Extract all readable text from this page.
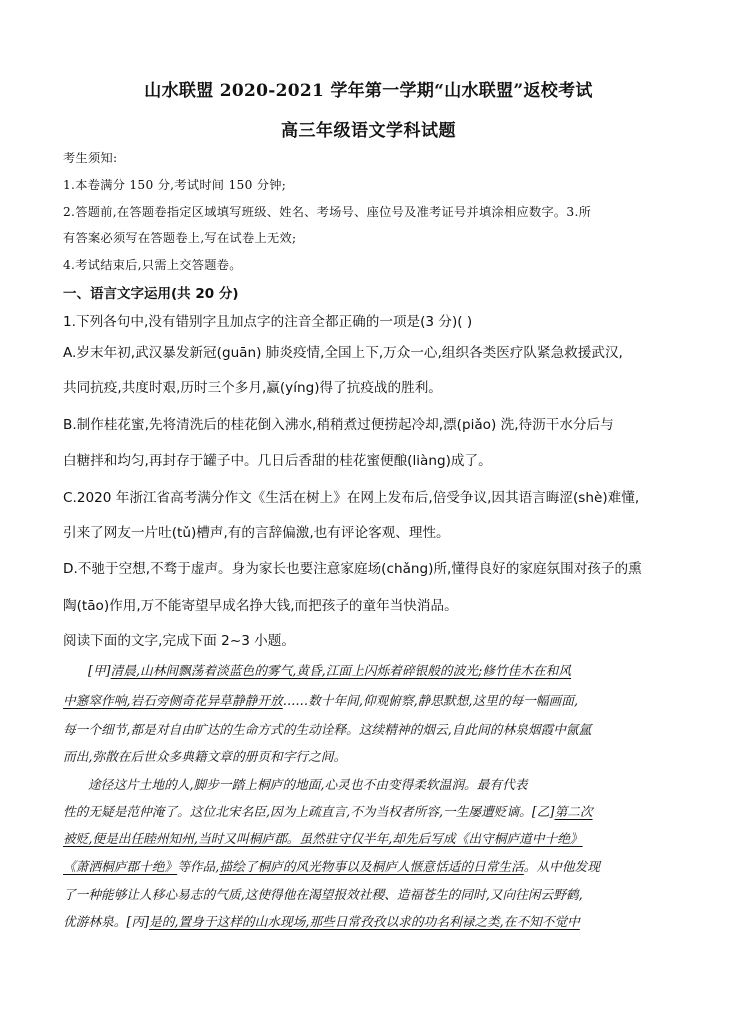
山水联盟 2020-2021 学年第一学期“山水联盟”返校考试
高三年级语文学科试题
考生须知:
1.本卷满分 150 分,考试时间 150 分钟;
2.答题前,在答题卷指定区域填写班级、姓名、考场号、座位号及准考证号并填涂相应数字。3.所
有答案必须写在答题卷上,写在试卷上无效;
4.考试结束后,只需上交答题卷。
一、语言文字运用(共 20 分)
1.下列各句中,没有错别字且加点字的注音全都正确的一项是(3 分)( )
A.岁末年初,武汉暴发新冠(guān) 肺炎疫情,全国上下,万众一心,组织各类医疗队紧急救援武汉,
共同抗疫,共度时艰,历时三个多月,赢(yíng)得了抗疫战的胜利。
B.制作桂花蜜,先将清洗后的桂花倒入沸水,稍稍煮过便捞起冷却,漂(piǎo) 洗,待沥干水分后与
白糖拌和均匀,再封存于罐子中。几日后香甜的桂花蜜便酿(liàng)成了。
C.2020 年浙江省高考满分作文《生活在树上》在网上发布后,倍受争议,因其语言晦涩(shè)难懂,
引来了网友一片吐(tǔ)槽声,有的言辞偏激,也有评论客观、理性。
D.不驰于空想,不骛于虚声。身为家长也要注意家庭场(chǎng)所,懂得良好的家庭氛围对孩子的熏
陶(tāo)作用,万不能寄望早成名挣大钱,而把孩子的童年当快消品。
阅读下面的文字,完成下面 2~3 小题。
[甲]清晨,山林间飘荡着淡蓝色的雾气,黄昏,江面上闪烁着碎银般的波光;修竹佳木在和风
中窸窣作响,岩石旁侧奇花异草静静开放……数十年间,仰观俯察,静思默想,这里的每一幅画面,
每一个细节,都是对自由旷达的生命方式的生动诠释。这续精神的烟云,自此间的林泉烟霞中氤氲
而出,弥散在后世众多典籍文章的册页和字行之间。
途径这片土地的人,脚步一踏上桐庐的地面,心灵也不由变得柔软温润。最有代表
性的无疑是范仲淹了。这位北宋名臣,因为上疏直言,不为当权者所容,一生屡遭贬谪。[乙]第二次
被贬,便是出任睦州知州,当时又叫桐庐郡。虽然驻守仅半年,却先后写成《出守桐庐道中十绝》
《萧洒桐庐郡十绝》等作品,描绘了桐庐的风光物事以及桐庐人惬意恬适的日常生活。从中他发现
了一种能够让人移心易志的气质,这使得他在渴望报效社稷、造福苍生的同时,又向往闲云野鹤,
优游林泉。[丙]是的,置身于这样的山水现场,那些日常孜孜以求的功名利禄之类,在不知不觉中
